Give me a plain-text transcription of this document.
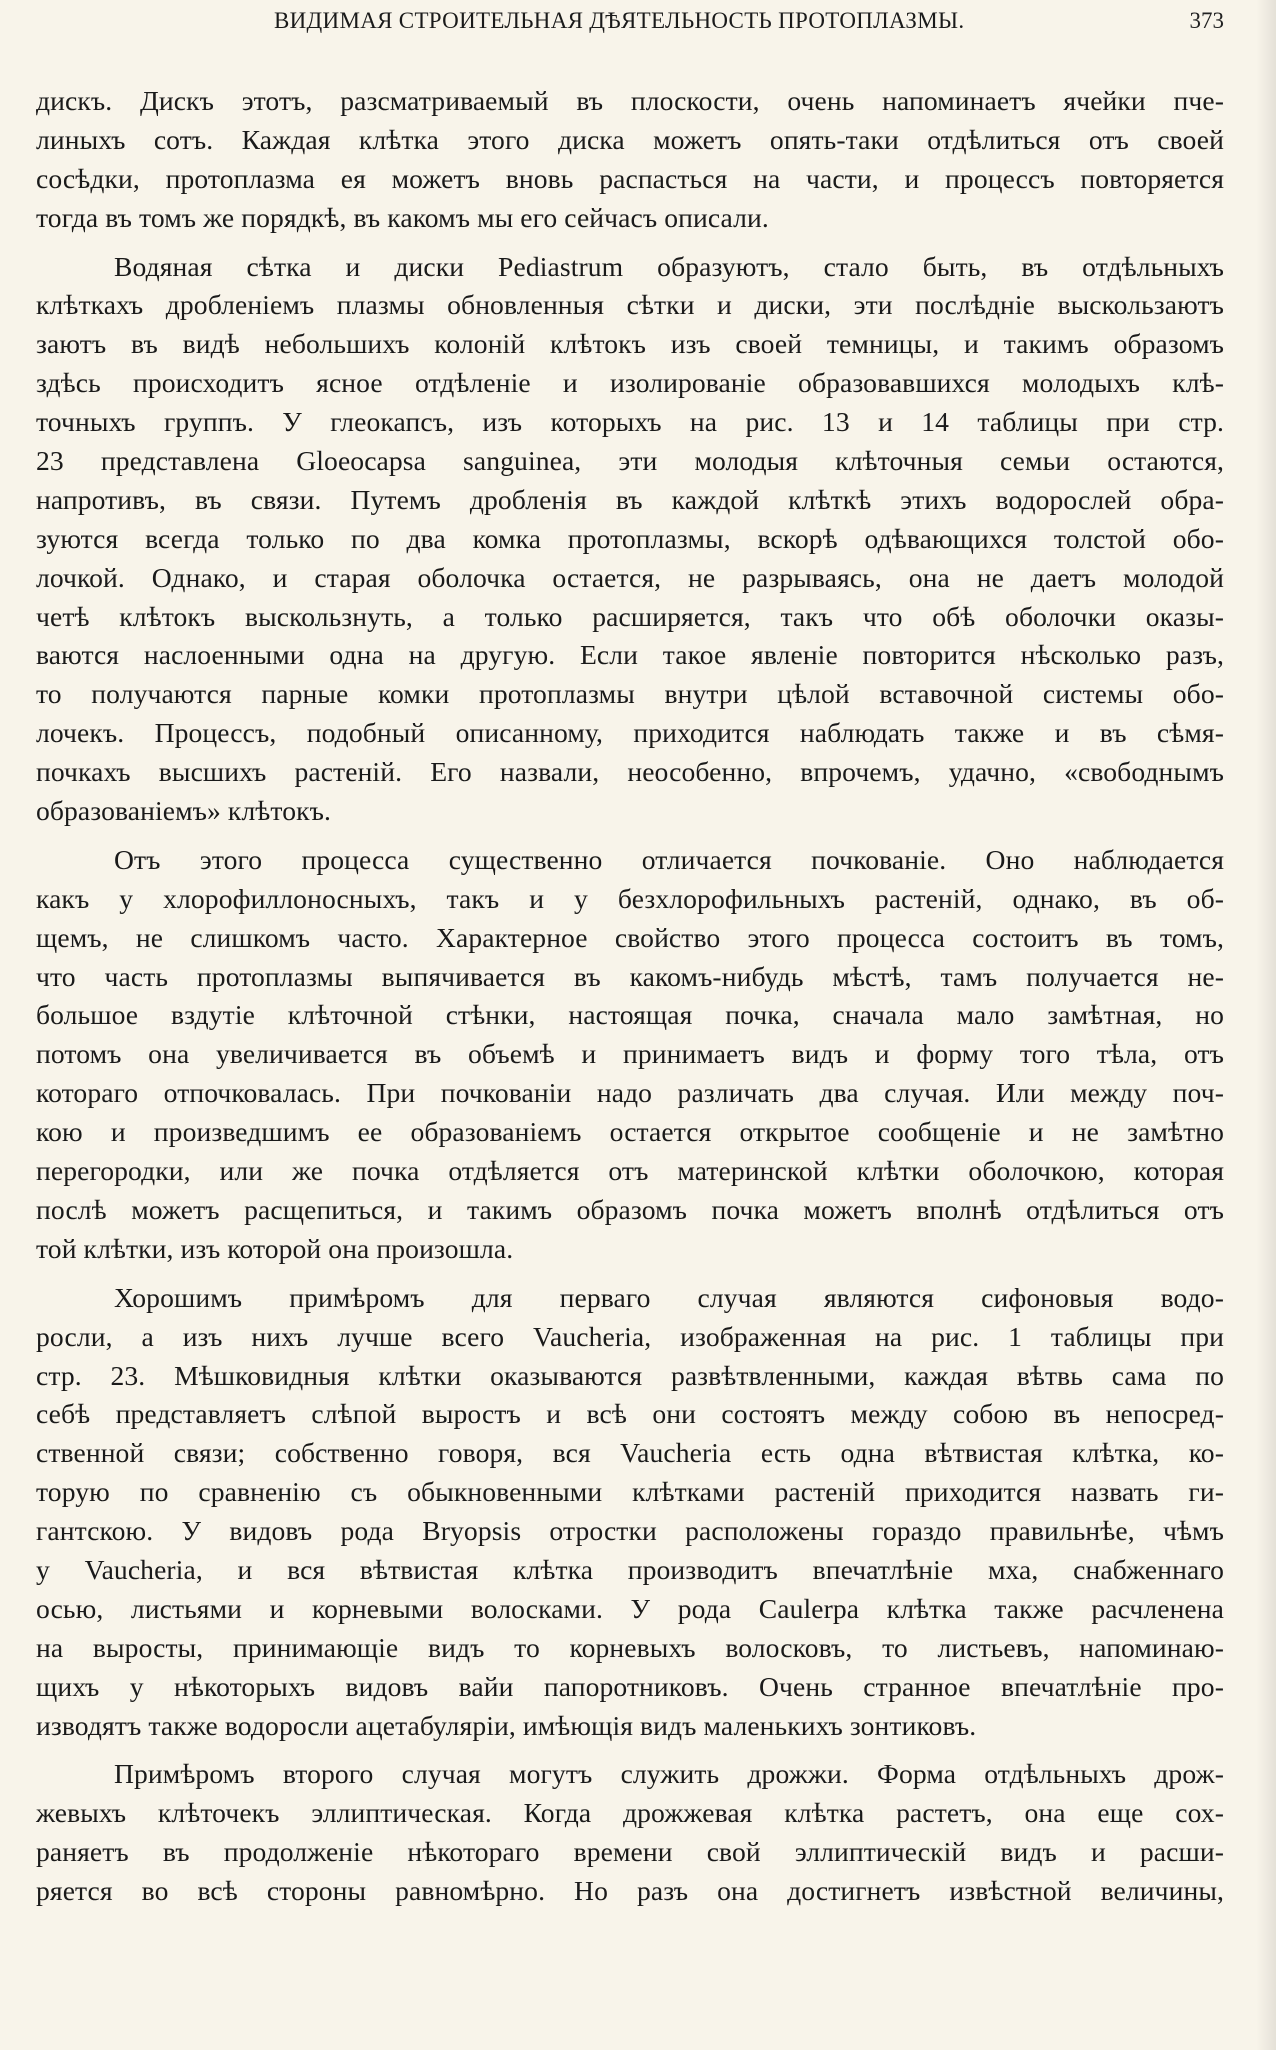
ВИДИМАЯ СТРОИТЕЛЬНАЯ ДѢЯТЕЛЬНОСТЬ ПРОТОПЛАЗМЫ.	373
дискъ. Дискъ этотъ, разсматриваемый въ плоскости, очень напоминаетъ ячейки пче-
линыхъ сотъ. Каждая клѣтка этого диска можетъ опять-таки отдѣлиться отъ своей
сосѣдки, протоплазма ея можетъ вновь распасться на части, и процессъ повторяется
тогда въ томъ же порядкѣ, въ какомъ мы его сейчасъ описали.
Водяная сѣтка и диски Pediastrum образуютъ, стало быть, въ отдѣльныхъ
клѣткахъ дробленіемъ плазмы обновленныя сѣтки и диски, эти послѣдніе выскользаютъ
заютъ въ видѣ небольшихъ колоній клѣтокъ изъ своей темницы, и такимъ образомъ
здѣсь происходитъ ясное отдѣленіе и изолированіе образовавшихся молодыхъ клѣ-
точныхъ группъ. У глеокапсъ, изъ которыхъ на рис. 13 и 14 таблицы при стр.
23 представлена Gloeocapsa sanguinea, эти молодыя клѣточныя семьи остаются,
напротивъ, въ связи. Путемъ дробленія въ каждой клѣткѣ этихъ водорослей обра-
зуются всегда только по два комка протоплазмы, вскорѣ одѣвающихся толстой обо-
лочкой. Однако, и старая оболочка остается, не разрываясь, она не даетъ молодой
четѣ клѣтокъ выскользнуть, а только расширяется, такъ что обѣ оболочки оказы-
ваются наслоенными одна на другую. Если такое явленіе повторится нѣсколько разъ,
то получаются парные комки протоплазмы внутри цѣлой вставочной системы обо-
лочекъ. Процессъ, подобный описанному, приходится наблюдать также и въ сѣмя-
почкахъ высшихъ растеній. Его назвали, неособенно, впрочемъ, удачно, «свободнымъ
образованіемъ» клѣтокъ.
Отъ этого процесса существенно отличается почкованіе. Оно наблюдается
какъ у хлорофиллоносныхъ, такъ и у безхлорофильныхъ растеній, однако, въ об-
щемъ, не слишкомъ часто. Характерное свойство этого процесса состоитъ въ томъ,
что часть протоплазмы выпячивается въ какомъ-нибудь мѣстѣ, тамъ получается не-
большое вздутіе клѣточной стѣнки, настоящая почка, сначала мало замѣтная, но
потомъ она увеличивается въ объемѣ и принимаетъ видъ и форму того тѣла, отъ
котораго отпочковалась. При почкованіи надо различать два случая. Или между поч-
кою и произведшимъ ее образованіемъ остается открытое сообщеніе и не замѣтно
перегородки, или же почка отдѣляется отъ материнской клѣтки оболочкою, которая
послѣ можетъ расщепиться, и такимъ образомъ почка можетъ вполнѣ отдѣлиться отъ
той клѣтки, изъ которой она произошла.
Хорошимъ примѣромъ для перваго случая являются сифоновыя водо-
росли, а изъ нихъ лучше всего Vaucheria, изображенная на рис. 1 таблицы при
стр. 23. Мѣшковидныя клѣтки оказываются развѣтвленными, каждая вѣтвь сама по
себѣ представляетъ слѣпой выростъ и всѣ они состоятъ между собою въ непосред-
ственной связи; собственно говоря, вся Vaucheria есть одна вѣтвистая клѣтка, ко-
торую по сравненію съ обыкновенными клѣтками растеній приходится назвать ги-
гантскою. У видовъ рода Bryopsis отростки расположены гораздо правильнѣе, чѣмъ
у Vaucheria, и вся вѣтвистая клѣтка производитъ впечатлѣніе мха, снабженнаго
осью, листьями и корневыми волосками. У рода Caulerpa клѣтка также расчленена
на выросты, принимающіе видъ то корневыхъ волосковъ, то листьевъ, напоминаю-
щихъ у нѣкоторыхъ видовъ вайи папоротниковъ. Очень странное впечатлѣніе про-
изводятъ также водоросли ацетабуляріи, имѣющія видъ маленькихъ зонтиковъ.
Примѣромъ второго случая могутъ служить дрожжи. Форма отдѣльныхъ дрож-
жевыхъ клѣточекъ эллиптическая. Когда дрожжевая клѣтка растетъ, она еще сох-
раняетъ въ продолженіе нѣкотораго времени свой эллиптическій видъ и расши-
ряется во всѣ стороны равномѣрно. Но разъ она достигнетъ извѣстной величины,
